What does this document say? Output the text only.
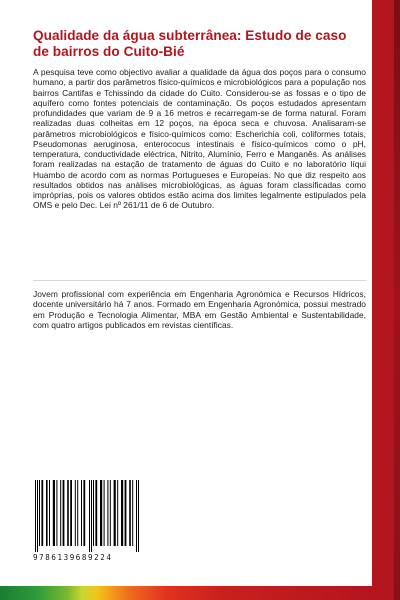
Qualidade da água subterrânea: Estudo de caso de bairros do Cuito-Bié

A pesquisa teve como objectivo avaliar a qualidade da água dos poços para o consumo humano, a partir dos parâmetros físico-químicos e microbiológicos para a população nos bairros Cantifas e Tchissindo da cidade do Cuito. Considerou-se as fossas e o tipo de aquífero como fontes potenciais de contaminação. Os poços estudados apresentam profundidades que variam de 9 a 16 metros e recarregam-se de forma natural. Foram realizadas duas colheitas em 12 poços, na época seca e chuvosa. Analisaram-se parâmetros microbiológicos e físico-químicos como: Escherichia coli, coliformes totais, Pseudomonas aeruginosa, enterococus intestinais e físico-químicos como o pH, temperatura, conductividade eléctrica, Nitrito, Alumínio, Ferro e Manganês. As análises foram realizadas na estação de tratamento de águas do Cuito e no laboratório líqui Huambo de acordo com as normas Portugueses e Europeias. No que diz respeito aos resultados obtidos nas análises microbiológicas, as águas foram classificadas como impróprias, pois os valores obtidos estão acima dos limites legalmente estipulados pela OMS e pelo Dec. Lei nº 261/11 de 6 de Outubro.

Jovem profissional com experiência em Engenharia Agronómica e Recursos Hídricos, docente universitário há 7 anos. Formado em Engenharia Agronómica, possui mestrado em Produção e Tecnologia Alimentar, MBA em Gestão Ambiental e Sustentabilidade, com quatro artigos publicados em revistas científicas.

9786139689224
